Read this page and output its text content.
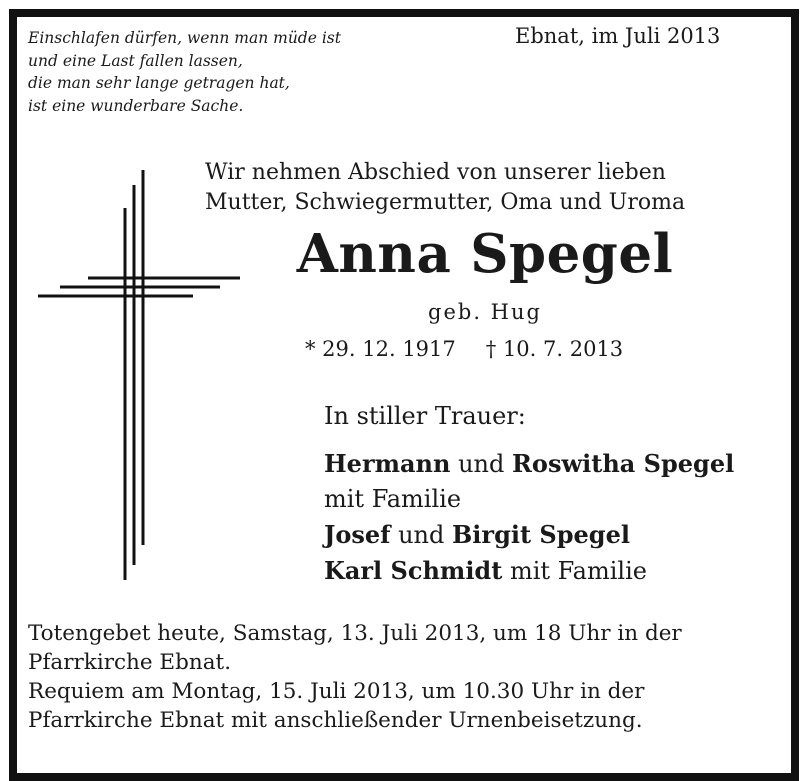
Einschlafen dürfen, wenn man müde ist
und eine Last fallen lassen,
die man sehr lange getragen hat,
ist eine wunderbare Sache.
Ebnat, im Juli 2013
Wir nehmen Abschied von unserer lieben
Mutter, Schwiegermutter, Oma und Uroma
Anna Spegel
geb. Hug
* 29. 12. 1917 † 10. 7. 2013
In stiller Trauer:
Hermann und Roswitha Spegel
mit Familie
Josef und Birgit Spegel
Karl Schmidt mit Familie
Totengebet heute, Samstag, 13. Juli 2013, um 18 Uhr in der
Pfarrkirche Ebnat.
Requiem am Montag, 15. Juli 2013, um 10.30 Uhr in der
Pfarrkirche Ebnat mit anschließender Urnenbeisetzung.
